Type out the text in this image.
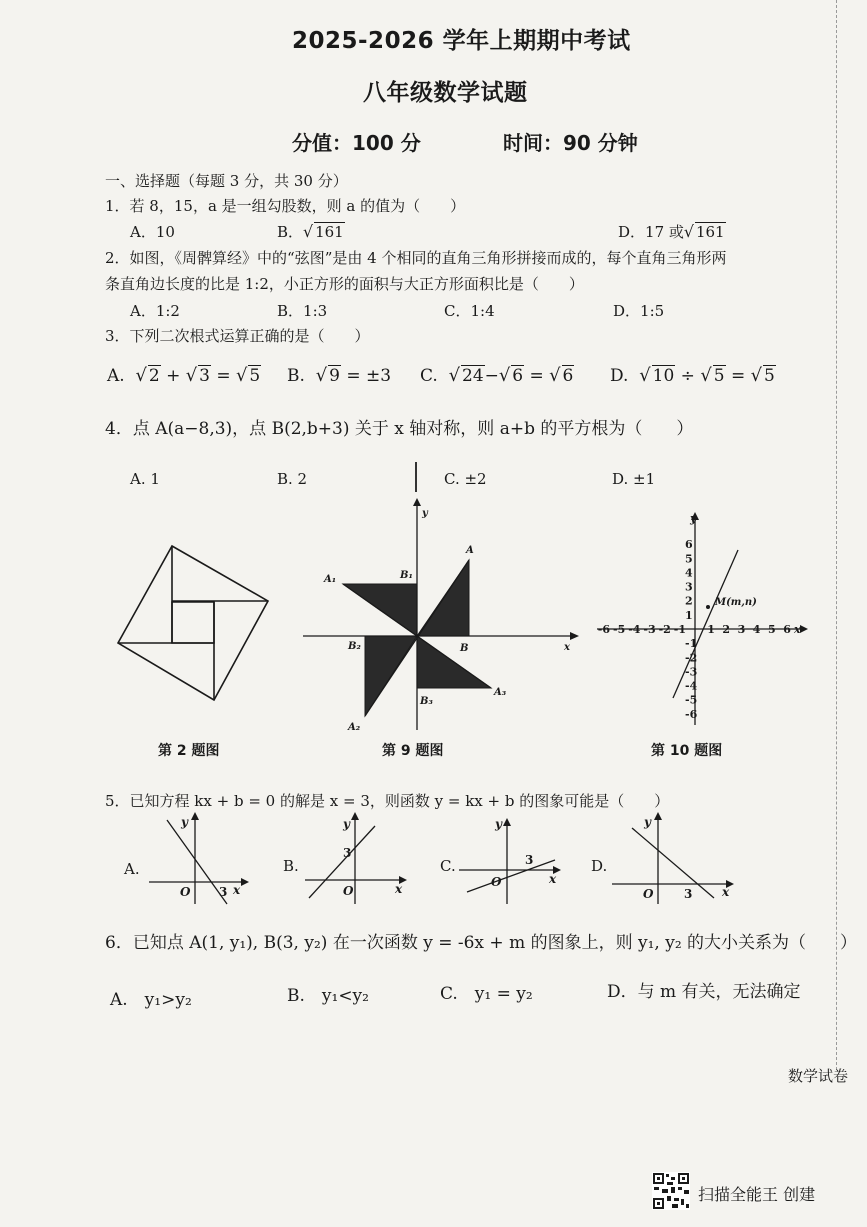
2025-2026 学年上期期中考试
八年级数学试题
分值：100 分	时间：90 分钟
一、选择题（每题 3 分，共 30 分）
1．若 8，15，a 是一组勾股数，则 a 的值为（　　）
A．10	B．√ 161	D．17 或√ 161
2．如图，《周髀算经》中的“弦图”是由 4 个相同的直角三角形拼接而成的，每个直角三角形两
条直角边长度的比是 1:2，小正方形的面积与大正方形面积比是（　　）
A．1:2	B．1:3	C．1:4	D．1:5
3．下列二次根式运算正确的是（　　）
A. √ 2 + √ 3 = √ 5 B. √ 9 = ±3 C. √ 24−√ 6 = √ 6 D. √ 10 ÷ √ 5 = √ 5
4．点 A(a−8,3)，点 B(2,b+3) 关于 x 轴对称，则 a+b 的平方根为（　　）
A. 1	B. 2	C. ±2	D. ±1
第 2 题图
x
y
A₁	B₁
A
B₂	B
B₃
A₃
A₂
第 9 题图
-6 -5 -4 -3 -2 -1 1 2 3 4 5 6
6
5
4
3
2
1
-1
-2
-3
-4
-5
-6
M(m,n)
y
x
第 10 题图
5．已知方程 kx + b = 0 的解是 x = 3，则函数 y = kx + b 的图象可能是（　　）
A.
y
O 3 x
B.
y
3
O	x
C.
y
3
O	x
D.
y
O	3 x
6．已知点 A(1, y₁), B(3, y₂) 在一次函数 y = -6x + m 的图象上，则 y₁, y₂ 的大小关系为（　　）
A.　y₁>y₂	B.　y₁<y₂	C.　y₁ = y₂	D．与 m 有关，无法确定
数学试卷
扫描全能王 创建
